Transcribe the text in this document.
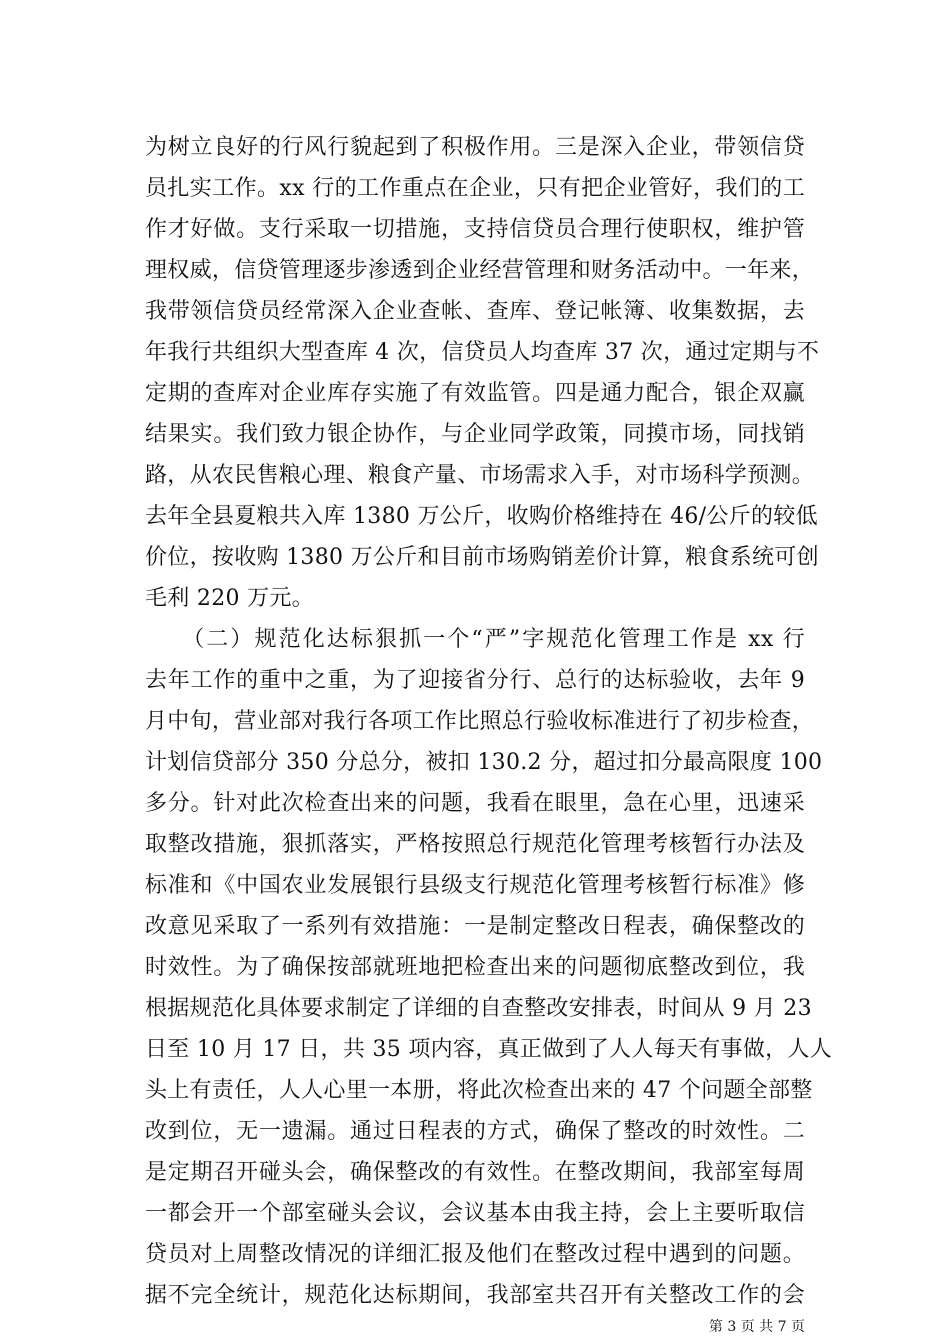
为树立良好的行风行貌起到了积极作用。三是深入企业，带领信贷
员扎实工作。xx 行的工作重点在企业，只有把企业管好，我们的工
作才好做。支行采取一切措施，支持信贷员合理行使职权，维护管
理权威，信贷管理逐步渗透到企业经营管理和财务活动中。一年来，
我带领信贷员经常深入企业查帐、查库、登记帐簿、收集数据，去
年我行共组织大型查库 4 次，信贷员人均查库 37 次，通过定期与不
定期的查库对企业库存实施了有效监管。四是通力配合，银企双赢
结果实。我们致力银企协作，与企业同学政策，同摸市场，同找销
路，从农民售粮心理、粮食产量、市场需求入手，对市场科学预测。
去年全县夏粮共入库 1380 万公斤，收购价格维持在 46/公斤的较低
价位，按收购 1380 万公斤和目前市场购销差价计算，粮食系统可创
毛利 220 万元。
　　（二）规范化达标狠抓一个“严”字规范化管理工作是 xx 行
去年工作的重中之重，为了迎接省分行、总行的达标验收，去年 9
月中旬，营业部对我行各项工作比照总行验收标准进行了初步检查，
计划信贷部分 350 分总分，被扣 130.2 分，超过扣分最高限度 100
多分。针对此次检查出来的问题，我看在眼里，急在心里，迅速采
取整改措施，狠抓落实，严格按照总行规范化管理考核暂行办法及
标准和《中国农业发展银行县级支行规范化管理考核暂行标准》修
改意见采取了一系列有效措施：一是制定整改日程表，确保整改的
时效性。为了确保按部就班地把检查出来的问题彻底整改到位，我
根据规范化具体要求制定了详细的自查整改安排表，时间从 9 月 23
日至 10 月 17 日，共 35 项内容，真正做到了人人每天有事做，人人
头上有责任，人人心里一本册，将此次检查出来的 47 个问题全部整
改到位，无一遗漏。通过日程表的方式，确保了整改的时效性。二
是定期召开碰头会，确保整改的有效性。在整改期间，我部室每周
一都会开一个部室碰头会议，会议基本由我主持，会上主要听取信
贷员对上周整改情况的详细汇报及他们在整改过程中遇到的问题。
据不完全统计，规范化达标期间，我部室共召开有关整改工作的会
第 3 页 共 7 页
